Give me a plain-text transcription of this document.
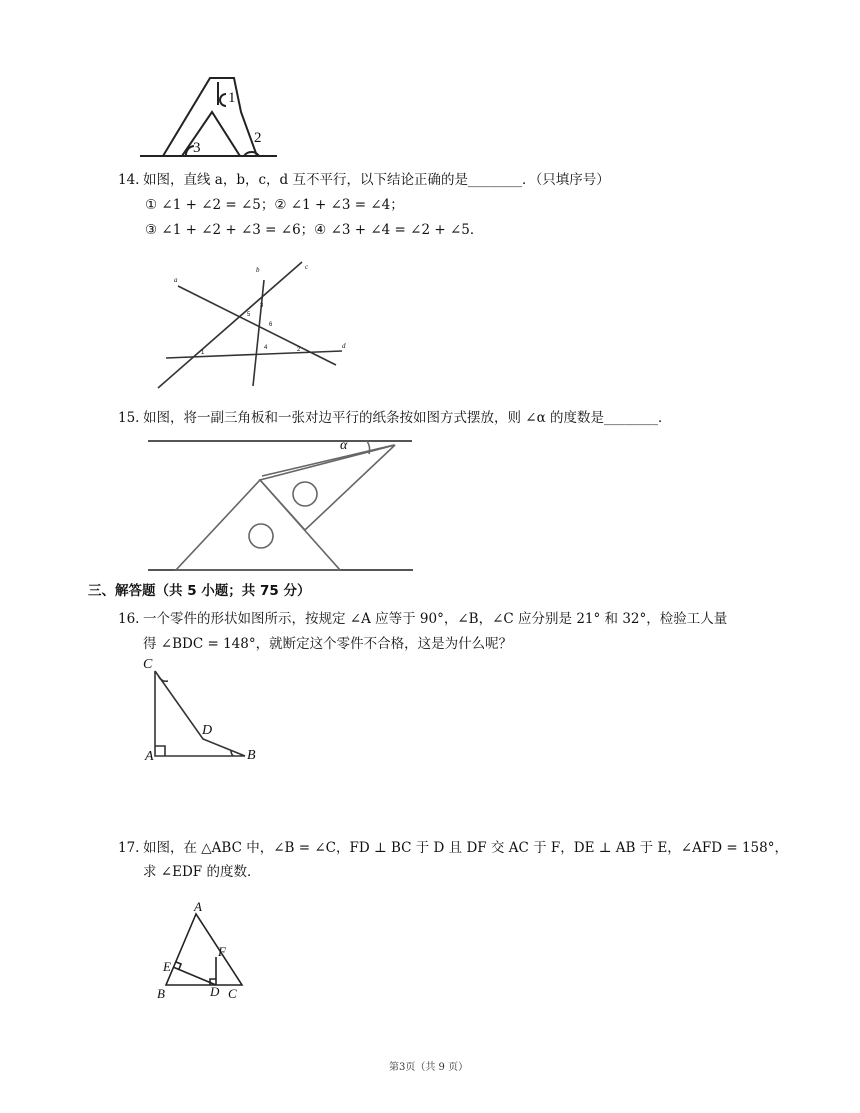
1
2
3
14. 如图，直线 a，b，c，d 互不平行，以下结论正确的是________．（只填序号）
① ∠1 + ∠2 = ∠5；② ∠1 + ∠3 = ∠4；
③ ∠1 + ∠2 + ∠3 = ∠6；④ ∠3 + ∠4 = ∠2 + ∠5．
a
b	c
d
1	2
3
4
5
6
15. 如图，将一副三角板和一张对边平行的纸条按如图方式摆放，则 ∠α 的度数是________．
α
三、解答题（共 5 小题；共 75 分）
16. 一个零件的形状如图所示，按规定 ∠A 应等于 90°，∠B，∠C 应分别是 21° 和 32°，检验工人量
得 ∠BDC = 148°，就断定这个零件不合格，这是为什么呢？
C
D
A	B
17. 如图，在 △ABC 中，∠B = ∠C，FD ⊥ BC 于 D 且 DF 交 AC 于 F，DE ⊥ AB 于 E，∠AFD = 158°，
求 ∠EDF 的度数．
A
F
E
B	D C
第3页（共 9 页）
